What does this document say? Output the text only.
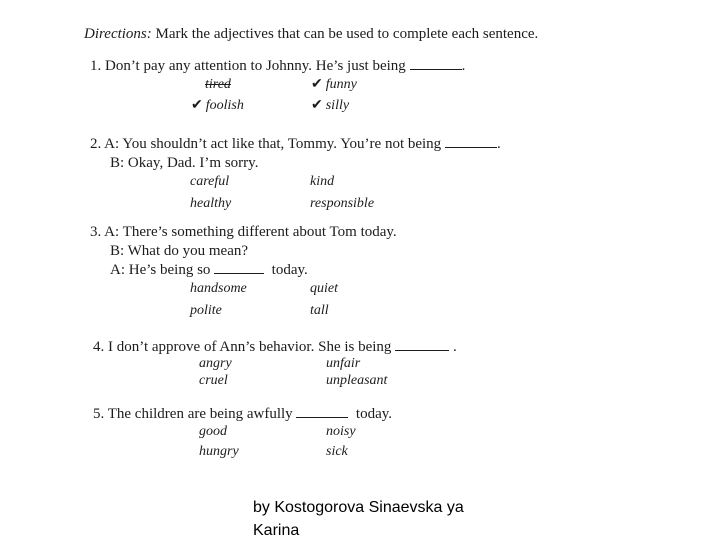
Directions: Mark the adjectives that can be used to complete each sentence.
1. Don’t pay any attention to Johnny. He’s just being	.
tired	✔ funny
✔ foolish	✔ silly
2. A: You shouldn’t act like that, Tommy. You’re not being	.
B: Okay, Dad. I’m sorry.
careful	kind
healthy	responsible
3. A: There’s something different about Tom today.
B: What do you mean?
A: He’s being so	today.
handsome	quiet
polite	tall
4. I don’t approve of Ann’s behavior. She is being	.
angry	unfair
cruel	unpleasant
5. The children are being awfully	today.
good	noisy
hungry	sick
by Kostogorova Sinaevska ya Karina
